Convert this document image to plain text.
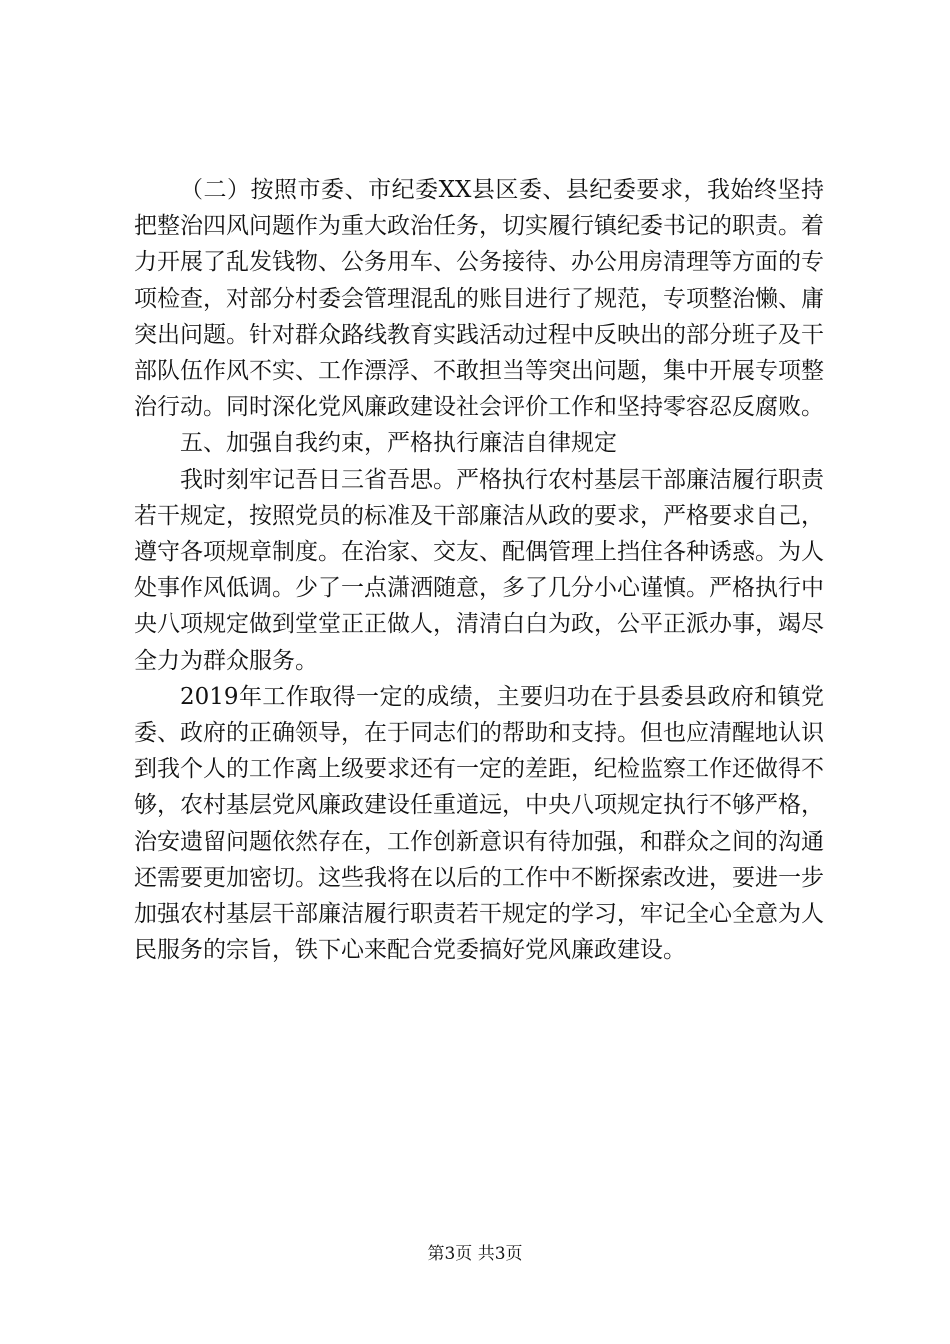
（二）按照市委、市纪委XX县区委、县纪委要求，我始终坚持把整治四风问题作为重大政治任务，切实履行镇纪委书记的职责。着力开展了乱发钱物、公务用车、公务接待、办公用房清理等方面的专项检查，对部分村委会管理混乱的账目进行了规范，专项整治懒、庸突出问题。针对群众路线教育实践活动过程中反映出的部分班子及干部队伍作风不实、工作漂浮、不敢担当等突出问题，集中开展专项整治行动。同时深化党风廉政建设社会评价工作和坚持零容忍反腐败。

五、加强自我约束，严格执行廉洁自律规定

我时刻牢记吾日三省吾思。严格执行农村基层干部廉洁履行职责若干规定，按照党员的标准及干部廉洁从政的要求，严格要求自己，遵守各项规章制度。在治家、交友、配偶管理上挡住各种诱惑。为人处事作风低调。少了一点潇洒随意，多了几分小心谨慎。严格执行中央八项规定做到堂堂正正做人，清清白白为政，公平正派办事，竭尽全力为群众服务。

2019年工作取得一定的成绩，主要归功在于县委县政府和镇党委、政府的正确领导，在于同志们的帮助和支持。但也应清醒地认识到我个人的工作离上级要求还有一定的差距，纪检监察工作还做得不够，农村基层党风廉政建设任重道远，中央八项规定执行不够严格，治安遗留问题依然存在，工作创新意识有待加强，和群众之间的沟通还需要更加密切。这些我将在以后的工作中不断探索改进，要进一步加强农村基层干部廉洁履行职责若干规定的学习，牢记全心全意为人民服务的宗旨，铁下心来配合党委搞好党风廉政建设。

第3页 共3页
